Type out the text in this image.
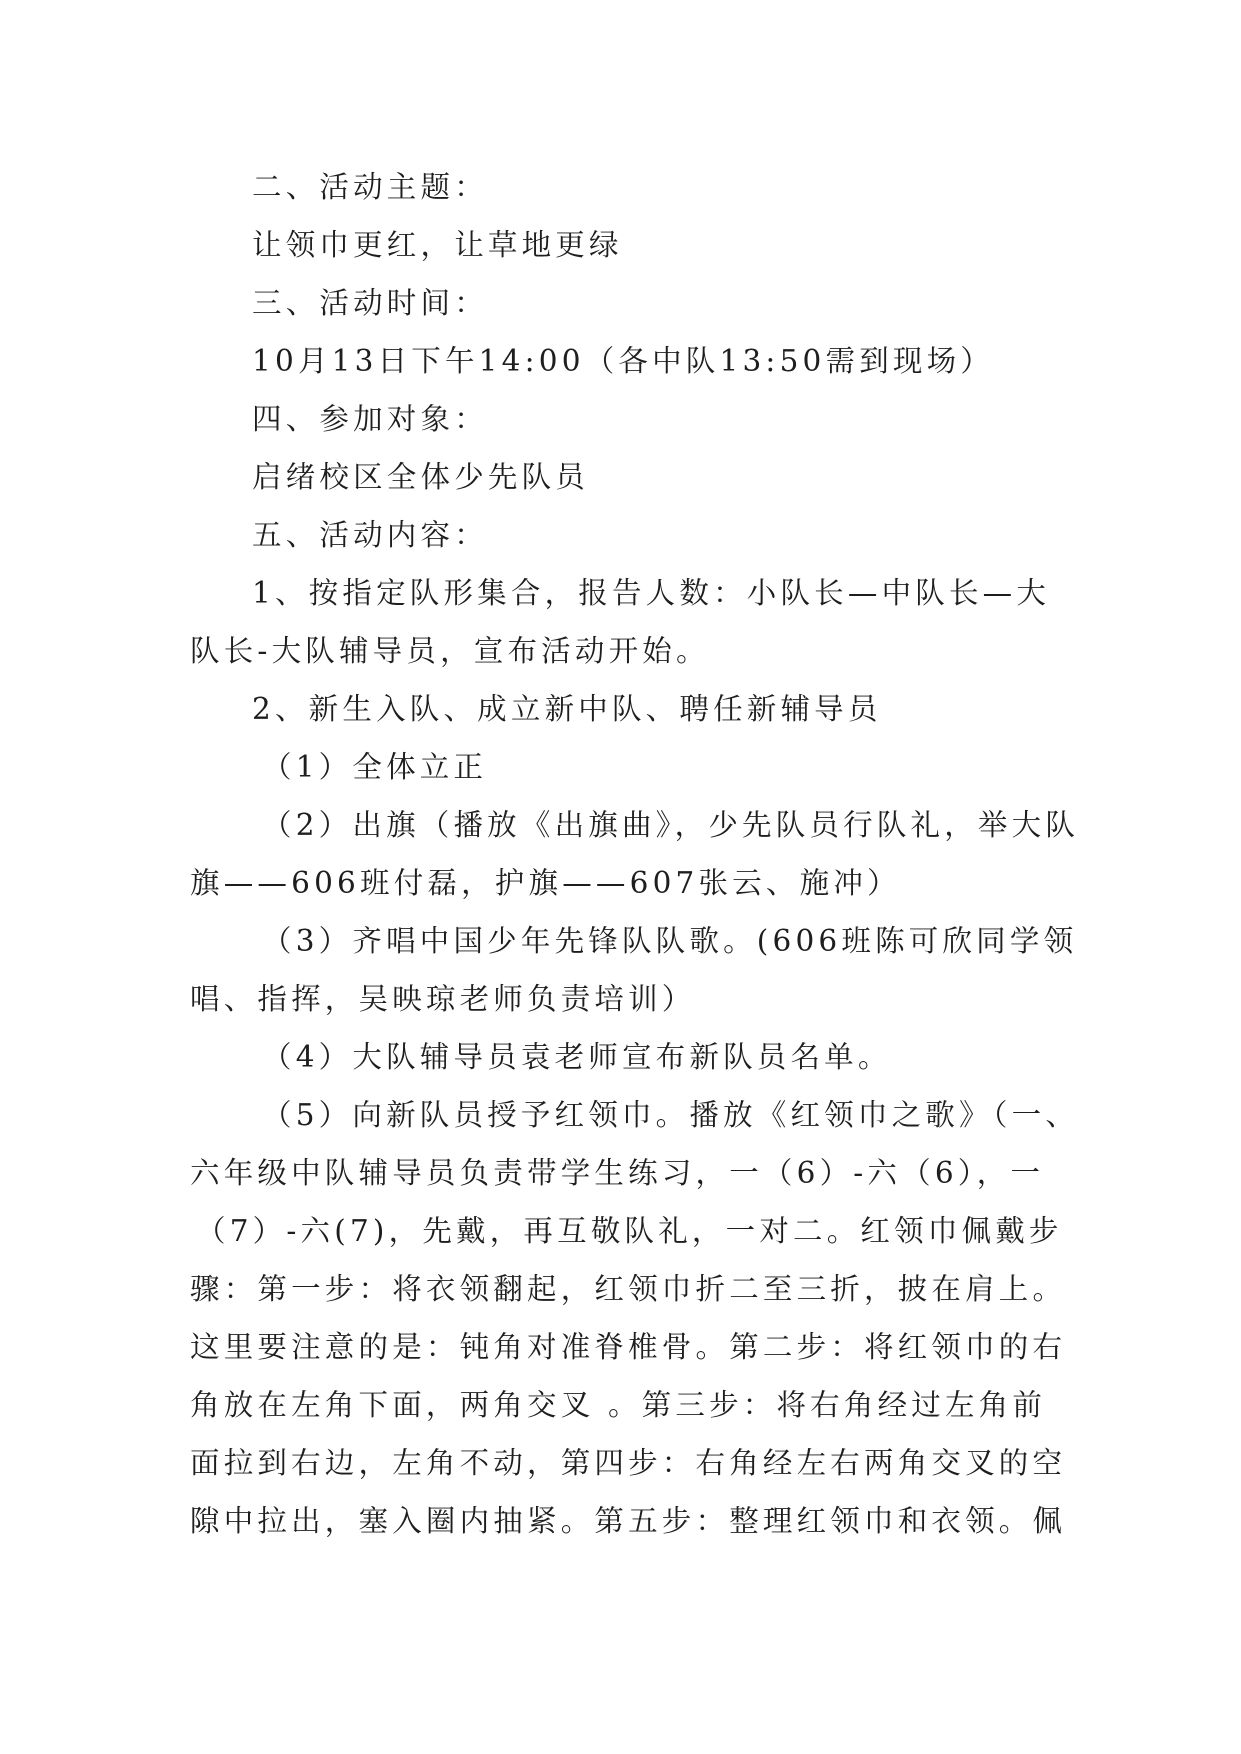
二、活动主题：
让领巾更红，让草地更绿
三、活动时间：
10月13日下午14:00（各中队13:50需到现场）
四、参加对象：
启绪校区全体少先队员
五、活动内容：
1、按指定队形集合，报告人数：小队长—中队长—大
队长-大队辅导员，宣布活动开始。
2、新生入队、成立新中队、聘任新辅导员
（1）全体立正
（2）出旗（播放《出旗曲》，少先队员行队礼，举大队
旗——606班付磊，护旗——607张云、施冲）
（3）齐唱中国少年先锋队队歌。(606班陈可欣同学领
唱、指挥，吴映琼老师负责培训）
（4）大队辅导员袁老师宣布新队员名单。
（5）向新队员授予红领巾。播放《红领巾之歌》（一、
六年级中队辅导员负责带学生练习，一（6）-六（6），一
（7）-六(7)，先戴，再互敬队礼，一对二。红领巾佩戴步
骤：第一步：将衣领翻起，红领巾折二至三折，披在肩上。
这里要注意的是：钝角对准脊椎骨。第二步：将红领巾的右
角放在左角下面，两角交叉 。第三步：将右角经过左角前
面拉到右边，左角不动，第四步：右角经左右两角交叉的空
隙中拉出，塞入圈内抽紧。第五步：整理红领巾和衣领。佩
